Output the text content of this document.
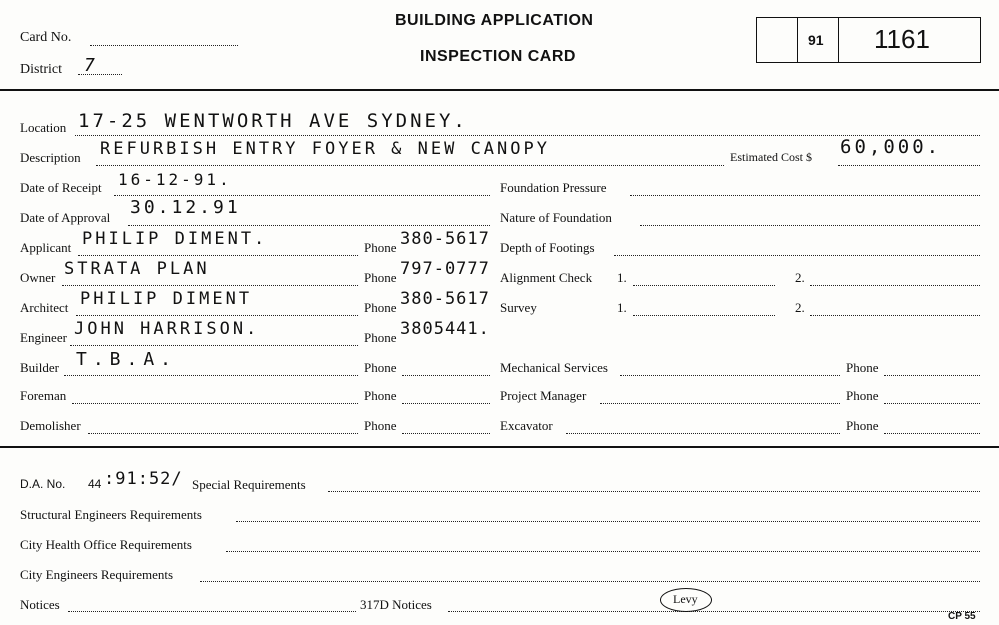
Card No.
District 7
BUILDING APPLICATION
INSPECTION CARD
91 1161
Location 17-25 WENTWORTH AVE SYDNEY.
Description REFURBISH ENTRY FOYER & NEW CANOPY	Estimated Cost $ 60,000.
Date of Receipt 16-12-91.	Foundation Pressure
Date of Approval 30.12.91	Nature of Foundation
Applicant PHILIP DIMENT.	Phone 380-5617 Depth of Footings
Owner STRATA PLAN	Phone 797-0777 Alignment Check 1.	2.
Architect PHILIP DIMENT	Phone 380-5617 Survey	1.	2.
Engineer JOHN HARRISON.	Phone 3805441.
Builder T.B.A.	Phone	Mechanical Services	Phone
Foreman	Phone	Project Manager	Phone
Demolisher	Phone	Excavator	Phone
D.A. No. 44 :91:52/ Special Requirements
Structural Engineers Requirements
City Health Office Requirements
City Engineers Requirements
Notices	317D Notices	Levy
CP 55
